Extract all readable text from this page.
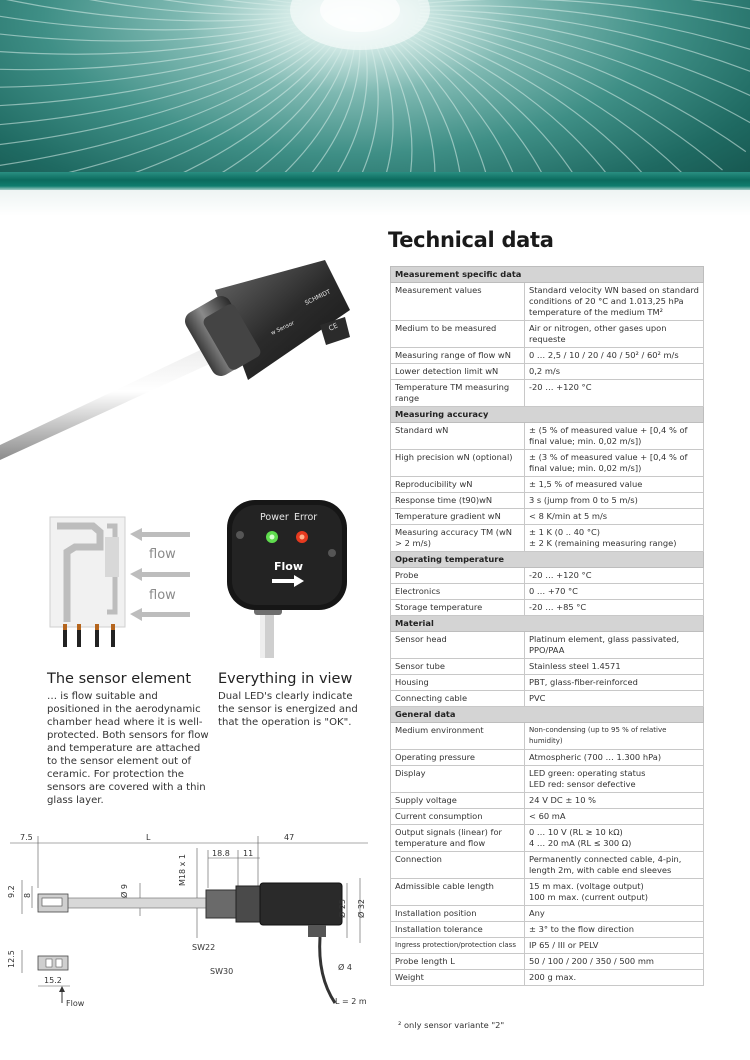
SCHMIDT
w Sensor	CE
flow
flow
Power Error
Flow
The sensor element
… is flow suitable and positioned in the aerodynamic chamber head where it is well-protected. Both sensors for flow and temperature are attached to the sensor element out of ceramic. For protection the sensors are covered with a thin glass layer.
Everything in view
Dual LED's clearly indicate the sensor is energized and that the operation is "OK".
7.5	L	47
18.8 11
M18 x 1
9.2 8	Ø 9
Ø 25 Ø 32
SW22
SW30
12.5
15.2
Ø 4
L = 2 m
Flow
Technical data
Measurement specific data	
Measurement values	Standard velocity WN based on standard conditions of 20 °C and 1.013,25 hPa temperature of the medium TM²
Medium to be measured	Air or nitrogen, other gases upon requeste
Measuring range of flow wN	0 … 2,5 / 10 / 20 / 40 / 50² / 60² m/s
Lower detection limit wN	0,2 m/s
Temperature TM measuring range	-20 … +120 °C
Measuring accuracy	
Standard wN	± (5 % of measured value + [0,4 % of final value; min. 0,02 m/s])
High precision wN (optional)	± (3 % of measured value + [0,4 % of final value; min. 0,02 m/s])
Reproducibility wN	± 1,5 % of measured value
Response time (t90)wN	3 s (jump from 0 to 5 m/s)
Temperature gradient wN	< 8 K/min at 5 m/s
Measuring accuracy TM (wN > 2 m/s)	± 1 K (0 .. 40 °C)
± 2 K (remaining measuring range)
Operating temperature	
Probe	-20 … +120 °C
Electronics	0 … +70 °C
Storage temperature	-20 … +85 °C
Material	
Sensor head	Platinum element, glass passivated, PPO/PAA
Sensor tube	Stainless steel 1.4571
Housing	PBT, glass-fiber-reinforced
Connecting cable	PVC
General data	
Medium environment	Non-condensing (up to 95 % of relative humidity)
Operating pressure	Atmospheric (700 … 1.300 hPa)
Display	LED green: operating status
LED red: sensor defective
Supply voltage	24 V DC ± 10 %
Current consumption	< 60 mA
Output signals (linear) for temperature and flow	0 … 10 V (RL ≥ 10 kΩ)
4 … 20 mA (RL ≤ 300 Ω)
Connection	Permanently connected cable, 4-pin, length 2m, with cable end sleeves
Admissible cable length	15 m max. (voltage output)
100 m max. (current output)
Installation position	Any
Installation tolerance	± 3° to the flow direction
Ingress protection/protection class	IP 65 / III or PELV
Probe length L	50 / 100 / 200 / 350 / 500 mm
Weight	200 g max.
² only sensor variante "2"
